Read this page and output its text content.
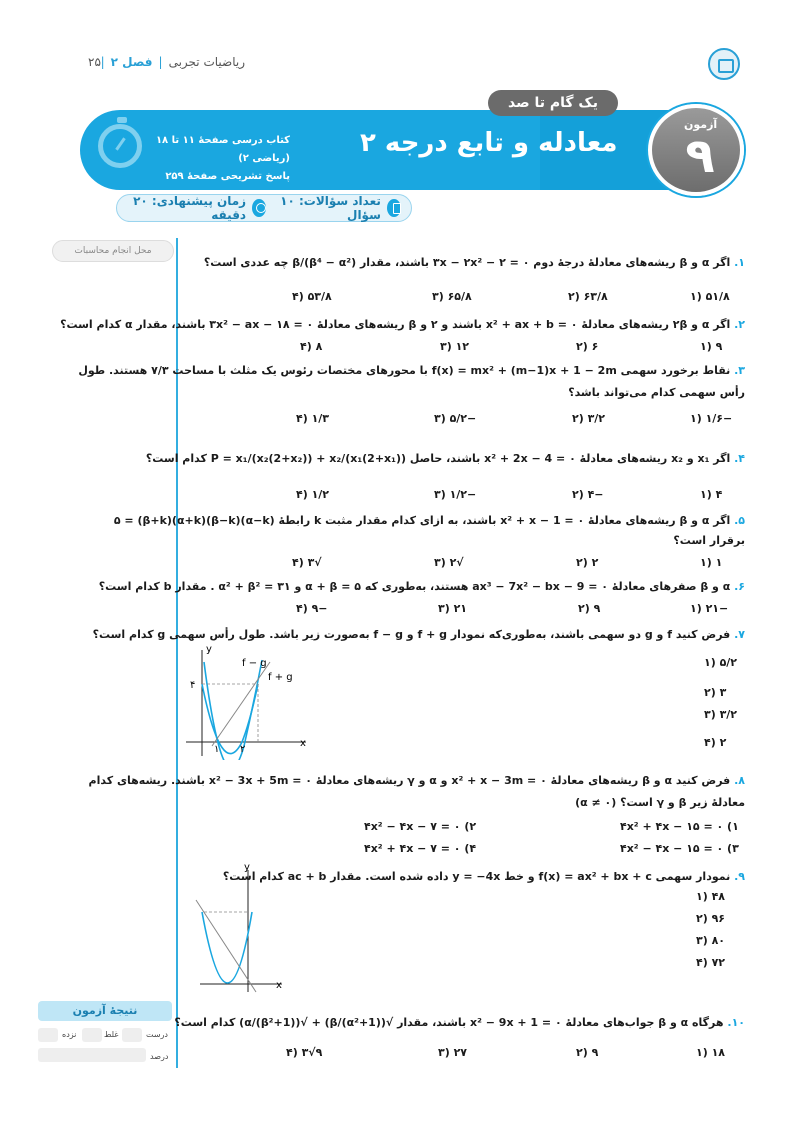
ریاضیات تجربی|فصل ۲|
۲۵
یک گام تا صد
آزمون
۹
معادله و تابع درجه ۲
کتاب درسی صفحهٔ ۱۱ تا ۱۸ (ریاضی ۲)
پاسخ تشریحی صفحهٔ ۲۵۹
تعداد سؤالات: ۱۰ سؤال
زمان پیشنهادی: ۲۰ دقیقه
محل انجام محاسبات
نتیجهٔ آزمون
درست
غلط
نزده
درصد
۱. اگر α و β ریشه‌های معادلهٔ درجهٔ دوم ۰ = ۲ − ۳x − ۲x² باشند، مقدار (β⁴ − α²)/β چه عددی است؟
۵۱/۸ (۱
۶۳/۸ (۲
۶۵/۸ (۳
۵۳/۸ (۴
۲. اگر α و ۲β ریشه‌های معادلهٔ x² + ax + b = ۰ باشند و ۲ و β ریشه‌های معادلهٔ ۳x² − ax − ۱۸ = ۰ باشند، مقدار α کدام است؟
۹ (۱
۶ (۲
۱۲ (۳
۸ (۴
۳. نقاط برخورد سهمی f(x) = mx² + (m−1)x + 1 − 2m با محورهای مختصات رئوس یک مثلث با مساحت ۷/۳ هستند. طول
رأس سهمی کدام می‌تواند باشد؟
−۱/۶ (۱
۳/۲ (۲
−۵/۲ (۳
۱/۳ (۴
۴. اگر x₁ و x₂ ریشه‌های معادلهٔ x² + 2x − 4 = ۰ باشند، حاصل P = x₁/(x₂(2+x₂)) + x₂/(x₁(2+x₁)) کدام است؟
۴ (۱
−۴ (۲
−۱/۲ (۳
۱/۲ (۴
۵. اگر α و β ریشه‌های معادلهٔ x² + x − 1 = ۰ باشند، به ازای کدام مقدار مثبت k رابطهٔ (α−k)(β−k)(α+k)(β+k) = ۵
برقرار است؟
۱ (۱
۲ (۲
√۲ (۳
√۳ (۴
۶. α و β صفرهای معادلهٔ ax³ − 7x² − bx − 9 = ۰ هستند، به‌طوری که α + β = ۵ و α² + β² = ۳۱ . مقدار b کدام است؟
−۲۱ (۱
۹ (۲
۲۱ (۳
−۹ (۴
۷. فرض کنید f و g دو سهمی باشند، به‌طوری‌که نمودار f + g و f − g به‌صورت زیر باشد. طول رأس سهمی g کدام است؟
۵/۲ (۱
۳ (۲
۳/۲ (۳
۲ (۴
y
f − g
f + g
۴
۱ ۲
x
۸. فرض کنید α و β ریشه‌های معادلهٔ x² + x − 3m = ۰ و α و γ ریشه‌های معادلهٔ x² − 3x + 5m = ۰ باشند. ریشه‌های کدام
معادلهٔ زیر β و γ است؟ (α ≠ ۰)
۴x² + ۴x − ۱۵ = ۰ (۱
۴x² − ۴x − ۷ = ۰ (۲
۴x² − ۴x − ۱۵ = ۰ (۳
۴x² + ۴x − ۷ = ۰ (۴
۹. نمودار سهمی f(x) = ax² + bx + c و خط y = −4x داده شده است. مقدار ac + b کدام است؟
۴۸ (۱
۹۶ (۲
۸۰ (۳
۷۲ (۴
y
x
۱۰. هرگاه α و β جواب‌های معادلهٔ x² − 9x + 1 = ۰ باشند، مقدار √((α²+1)/β) + √((β²+1)/α) کدام است؟
۱۸ (۱
۹ (۲
۲۷ (۳
۹√۳ (۴
